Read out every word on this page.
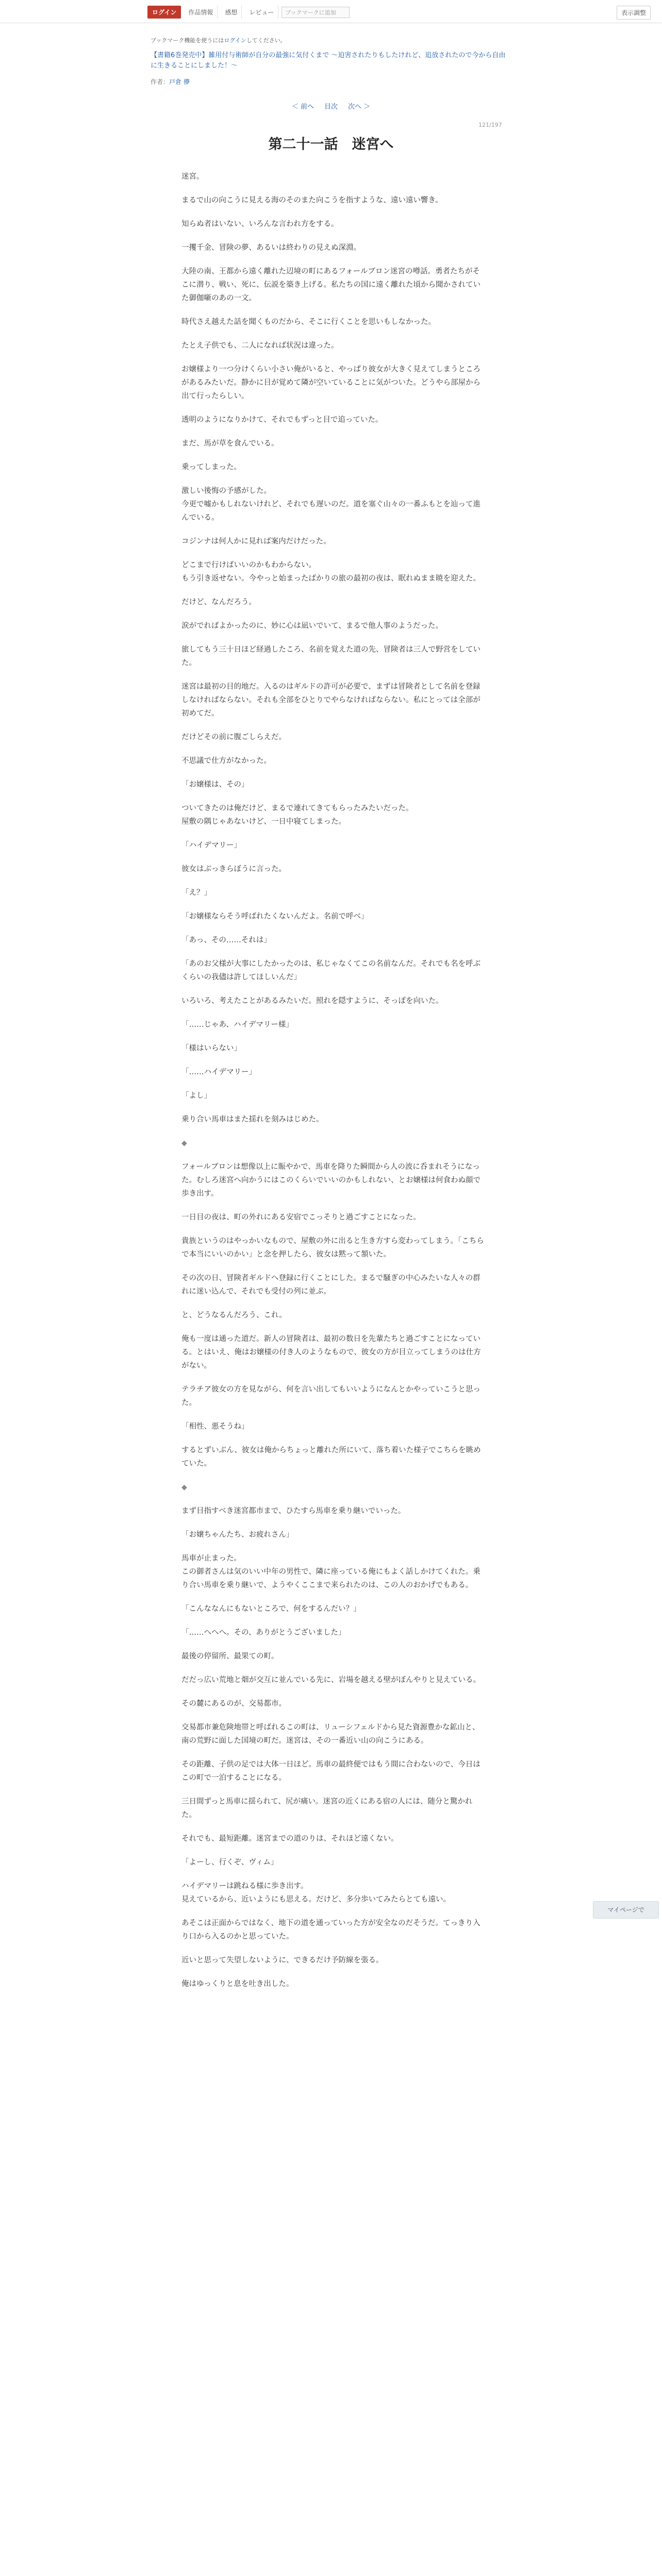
ログイン	作品情報	感想	レビュー	ブックマークに追加	表示調整
ブックマーク機能を使うにはログインしてください。
【書籍6巻発売中】雑用付与術師が自分の最強に気付くまで ～迫害されたりもしたけれど、追放されたので今から自由に生きることにしました！～
作者：戸倉 儚
＜ 前へ 目次 次へ ＞
121/197
第二十一話　迷宮へ

迷宮。

まるで山の向こうに見える海のそのまた向こうを指すような、遠い遠い響き。

知らぬ者はいない、いろんな言われ方をする。

一攫千金、冒険の夢、あるいは終わりの見えぬ深淵。

大陸の南、王都から遠く離れた辺境の町にあるフォールブロン迷宮の噂話。勇者たちがそこに潜り、戦い、死に、伝説を築き上げる。私たちの国に遠く離れた頃から聞かされていた御伽噺のあの一文。

時代さえ越えた話を聞くものだから、そこに行くことを思いもしなかった。

たとえ子供でも、二人になれば状況は違った。

お嬢様より一つ分けくらい小さい俺がいると、やっぱり彼女が大きく見えてしまうところがあるみたいだ。静かに目が覚めて隣が空いていることに気がついた。どうやら部屋から出て行ったらしい。

透明のようになりかけて、それでもずっと目で追っていた。

まだ、馬が草を食んでいる。

乗ってしまった。

激しい後悔の予感がした。
今更で嘘かもしれないけれど、それでも遅いのだ。道を塞ぐ山々の一番ふもとを辿って進んでいる。

コジンナは何人かに見れば案内だけだった。

どこまで行けばいいのかもわからない。
もう引き返せない。今やっと始まったばかりの旅の最初の夜は、眠れぬまま暁を迎えた。

だけど、なんだろう。

涙がでればよかったのに、妙に心は凪いでいて、まるで他人事のようだった。

旅してもう三十日ほど経過したころ、名前を覚えた道の先、冒険者は三人で野営をしていた。

迷宮は最初の目的地だ。入るのはギルドの許可が必要で、まずは冒険者として名前を登録しなければならない。それも全部をひとりでやらなければならない。私にとっては全部が初めてだ。

だけどその前に腹ごしらえだ。

不思議で仕方がなかった。

「お嬢様は、その」

ついてきたのは俺だけど、まるで連れてきてもらったみたいだった。
屋敷の隅じゃあないけど、一日中寝てしまった。

「ハイデマリー」

彼女はぶっきらぼうに言った。

「え？」

「お嬢様ならそう呼ばれたくないんだよ。名前で呼べ」

「あっ、その……それは」

「あのお父様が大事にしたかったのは、私じゃなくてこの名前なんだ。それでも名を呼ぶくらいの我儘は許してほしいんだ」

いろいろ、考えたことがあるみたいだ。照れを隠すように、そっぽを向いた。

「……じゃあ、ハイデマリー様」

「様はいらない」

「……ハイデマリー」

「よし」

乗り合い馬車はまた揺れを刻みはじめた。

◆

フォールブロンは想像以上に賑やかで、馬車を降りた瞬間から人の波に呑まれそうになった。むしろ迷宮へ向かうにはこのくらいでいいのかもしれない、とお嬢様は何食わぬ顔で歩き出す。

一日目の夜は、町の外れにある安宿でこっそりと過ごすことになった。

貴族というのはやっかいなもので、屋敷の外に出ると生き方すら変わってしまう。「こちらで本当にいいのかい」と念を押したら、彼女は黙って頷いた。

その次の日、冒険者ギルドへ登録に行くことにした。まるで騒ぎの中心みたいな人々の群れに迷い込んで、それでも受付の列に並ぶ。

と、どうなるんだろう、これ。

俺も一度は通った道だ。新人の冒険者は、最初の数日を先輩たちと過ごすことになっている。とはいえ、俺はお嬢様の付き人のようなもので、彼女の方が目立ってしまうのは仕方がない。

テラチア彼女の方を見ながら、何を言い出してもいいようになんとかやっていこうと思った。

「相性、悪そうね」

するとずいぶん、彼女は俺からちょっと離れた所にいて、落ち着いた様子でこちらを眺めていた。

◆

まず目指すべき迷宮都市まで、ひたすら馬車を乗り継いでいった。

「お嬢ちゃんたち、お疲れさん」

馬車が止まった。
この御者さんは気のいい中年の男性で、隣に座っている俺にもよく話しかけてくれた。乗り合い馬車を乗り継いで、ようやくここまで来られたのは、この人のおかげでもある。

「こんななんにもないところで、何をするんだい？」

「……へへへ。その、ありがとうございました」

最後の停留所、最果ての町。

だだっ広い荒地と畑が交互に並んでいる先に、岩場を越える壁がぼんやりと見えている。

その麓にあるのが、交易都市。

交易都市兼危険地帯と呼ばれるこの町は、リューシフェルドから見た資源豊かな鉱山と、南の荒野に面した国境の町だ。迷宮は、その一番近い山の向こうにある。

その距離、子供の足では大体一日ほど。馬車の最終便ではもう間に合わないので、今日はこの町で一泊することになる。

三日間ずっと馬車に揺られて、尻が痛い。迷宮の近くにある宿の人には、随分と驚かれた。

それでも、最短距離。迷宮までの道のりは、それほど遠くない。

「よーし、行くぞ、ヴィム」

ハイデマリーは跳ねる様に歩き出す。
見えているから、近いようにも思える。だけど、多分歩いてみたらとても遠い。

あそこは正面からではなく、地下の道を通っていった方が安全なのだそうだ。てっきり入り口から入るのかと思っていた。

近いと思って失望しないように、できるだけ予防線を張る。

俺はゆっくりと息を吐き出した。

マイページで
